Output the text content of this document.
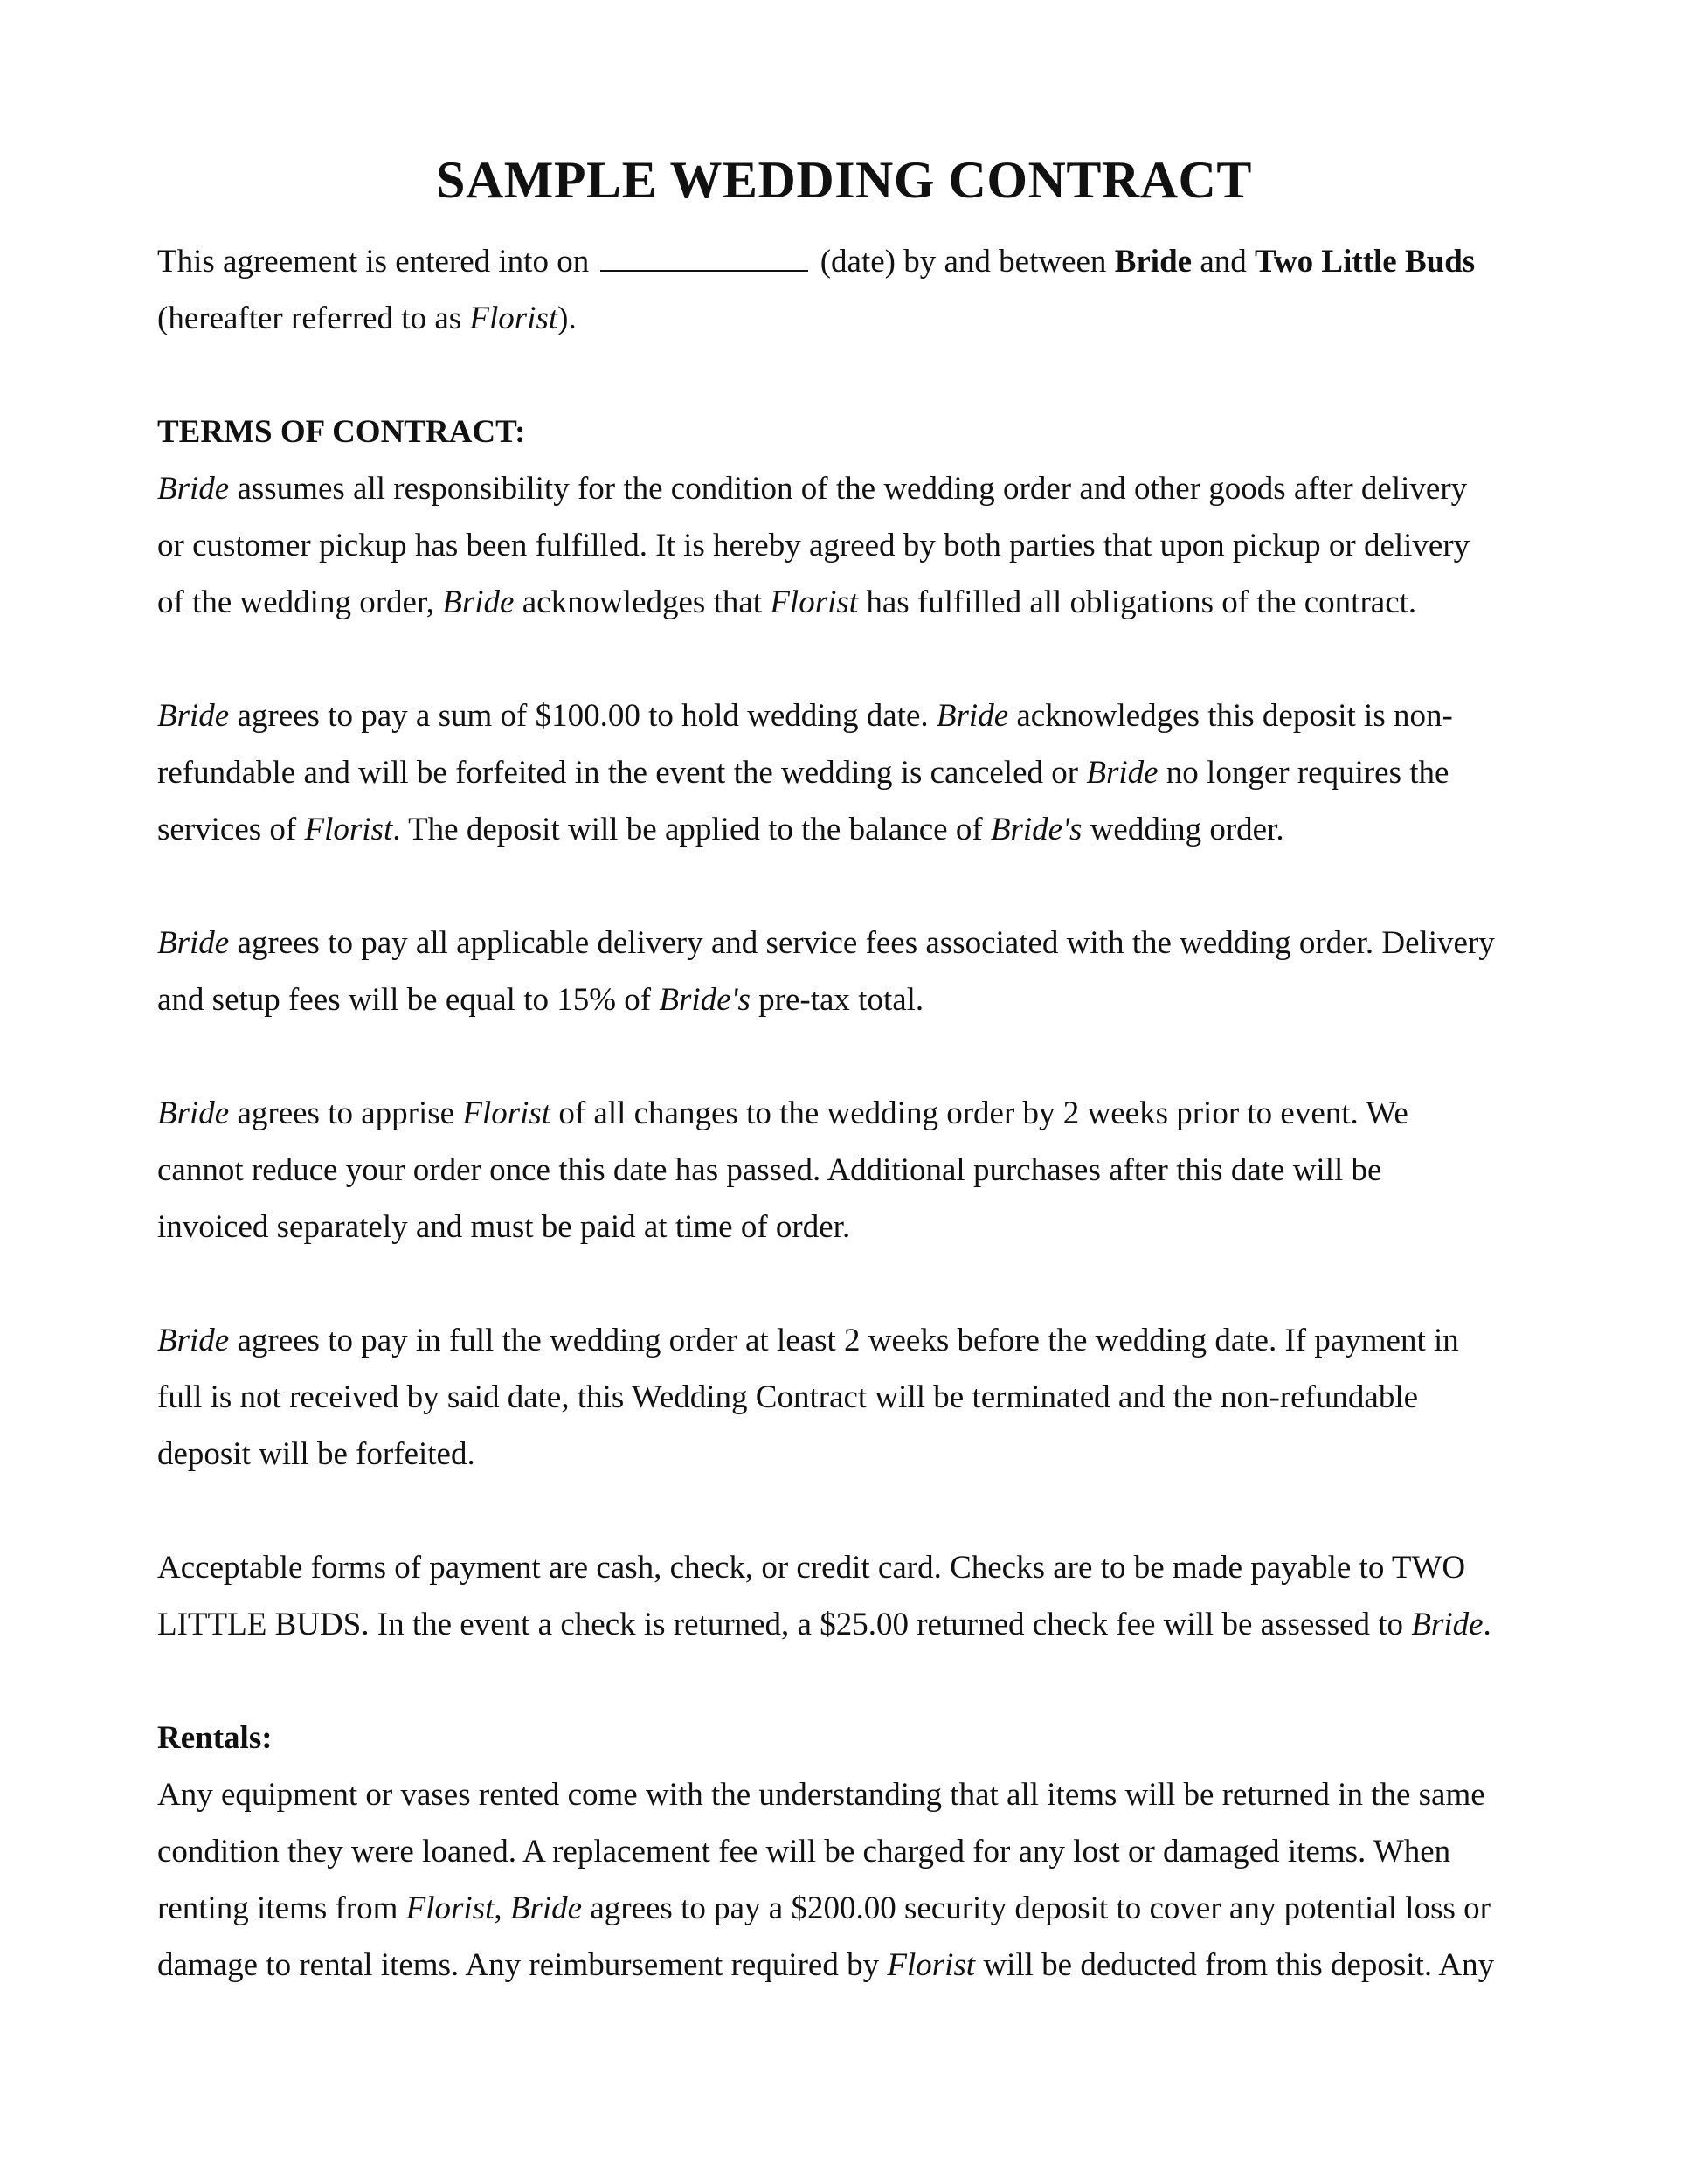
SAMPLE WEDDING CONTRACT
This agreement is entered into on	(date) by and between Bride and Two Little Buds
(hereafter referred to as Florist).
TERMS OF CONTRACT:
Bride assumes all responsibility for the condition of the wedding order and other goods after delivery
or customer pickup has been fulfilled. It is hereby agreed by both parties that upon pickup or delivery
of the wedding order, Bride acknowledges that Florist has fulfilled all obligations of the contract.
Bride agrees to pay a sum of $100.00 to hold wedding date. Bride acknowledges this deposit is non-
refundable and will be forfeited in the event the wedding is canceled or Bride no longer requires the
services of Florist. The deposit will be applied to the balance of Bride's wedding order.
Bride agrees to pay all applicable delivery and service fees associated with the wedding order. Delivery
and setup fees will be equal to 15% of Bride's pre-tax total.
Bride agrees to apprise Florist of all changes to the wedding order by 2 weeks prior to event. We
cannot reduce your order once this date has passed. Additional purchases after this date will be
invoiced separately and must be paid at time of order.
Bride agrees to pay in full the wedding order at least 2 weeks before the wedding date. If payment in
full is not received by said date, this Wedding Contract will be terminated and the non-refundable
deposit will be forfeited.
Acceptable forms of payment are cash, check, or credit card. Checks are to be made payable to TWO
LITTLE BUDS. In the event a check is returned, a $25.00 returned check fee will be assessed to Bride.
Rentals:
Any equipment or vases rented come with the understanding that all items will be returned in the same
condition they were loaned. A replacement fee will be charged for any lost or damaged items. When
renting items from Florist, Bride agrees to pay a $200.00 security deposit to cover any potential loss or
damage to rental items. Any reimbursement required by Florist will be deducted from this deposit. Any
